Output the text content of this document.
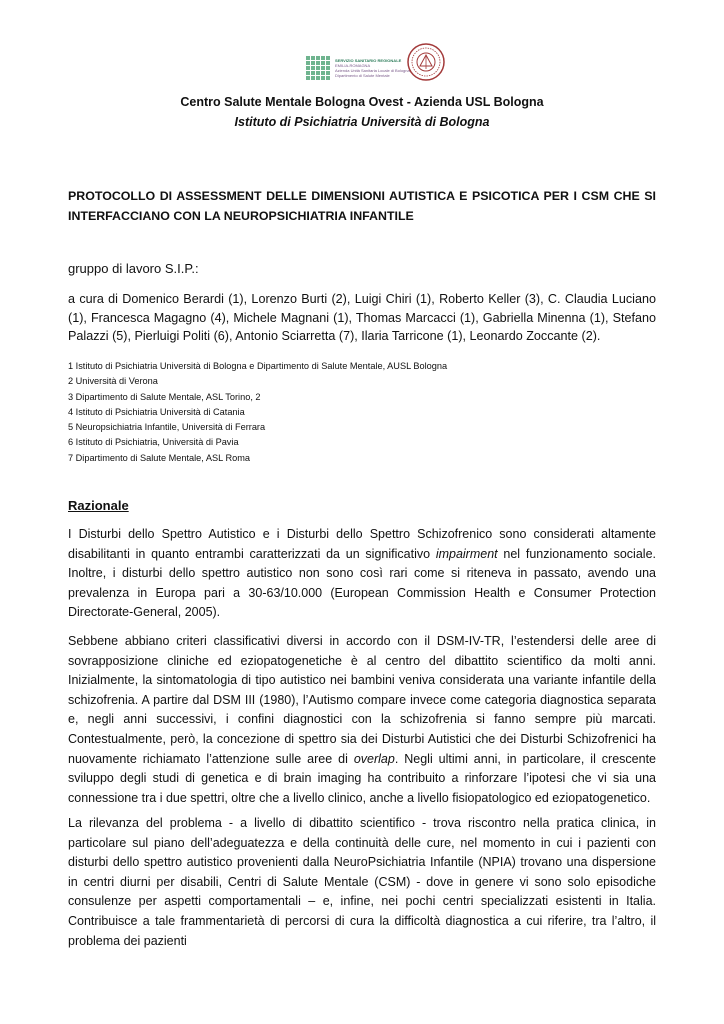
SERVIZIO SANITARIO REGIONALE
EMILIA-ROMAGNA
Azienda Unità Sanitaria Locale di Bologna
Dipartimento di Salute Mentale
Centro Salute Mentale Bologna Ovest - Azienda USL Bologna
Istituto di Psichiatria Università di Bologna
PROTOCOLLO DI ASSESSMENT DELLE DIMENSIONI AUTISTICA E PSICOTICA PER I CSM CHE SI INTERFACCIANO CON LA NEUROPSICHIATRIA INFANTILE
gruppo di lavoro S.I.P.:
a cura di Domenico Berardi (1), Lorenzo Burti (2), Luigi Chiri (1), Roberto Keller (3), C. Claudia Luciano (1), Francesca Magagno (4), Michele Magnani (1), Thomas Marcacci (1), Gabriella Minenna (1), Stefano Palazzi (5), Pierluigi Politi (6), Antonio Sciarretta (7), Ilaria Tarricone (1), Leonardo Zoccante (2).
1 Istituto di Psichiatria Università di Bologna e Dipartimento di Salute Mentale, AUSL Bologna
2 Università di Verona
3 Dipartimento di Salute Mentale, ASL Torino, 2
4 Istituto di Psichiatria Università di Catania
5 Neuropsichiatria Infantile, Università di Ferrara
6 Istituto di Psichiatria, Università di Pavia
7 Dipartimento di Salute Mentale, ASL Roma
Razionale
I Disturbi dello Spettro Autistico e i Disturbi dello Spettro Schizofrenico sono considerati altamente disabilitanti in quanto entrambi caratterizzati da un significativo impairment nel funzionamento sociale. Inoltre, i disturbi dello spettro autistico non sono così rari come si riteneva in passato, avendo una prevalenza in Europa pari a 30-63/10.000 (European Commission Health e Consumer Protection Directorate-General, 2005).
Sebbene abbiano criteri classificativi diversi in accordo con il DSM-IV-TR, l’estendersi delle aree di sovrapposizione cliniche ed eziopatogenetiche è al centro del dibattito scientifico da molti anni. Inizialmente, la sintomatologia di tipo autistico nei bambini veniva considerata una variante infantile della schizofrenia. A partire dal DSM III (1980), l’Autismo compare invece come categoria diagnostica separata e, negli anni successivi, i confini diagnostici con la schizofrenia si fanno sempre più marcati. Contestualmente, però, la concezione di spettro sia dei Disturbi Autistici che dei Disturbi Schizofrenici ha nuovamente richiamato l’attenzione sulle aree di overlap. Negli ultimi anni, in particolare, il crescente sviluppo degli studi di genetica e di brain imaging ha contribuito a rinforzare l’ipotesi che vi sia una connessione tra i due spettri, oltre che a livello clinico, anche a livello fisiopatologico ed eziopatogenetico.
La rilevanza del problema - a livello di dibattito scientifico - trova riscontro nella pratica clinica, in particolare sul piano dell’adeguatezza e della continuità delle cure, nel momento in cui i pazienti con disturbi dello spettro autistico provenienti dalla NeuroPsichiatria Infantile (NPIA) trovano una dispersione in centri diurni per disabili, Centri di Salute Mentale (CSM) - dove in genere vi sono solo episodiche consulenze per aspetti comportamentali – e, infine, nei pochi centri specializzati esistenti in Italia. Contribuisce a tale frammentarietà di percorsi di cura la difficoltà diagnostica a cui riferire, tra l’altro, il problema dei pazienti
